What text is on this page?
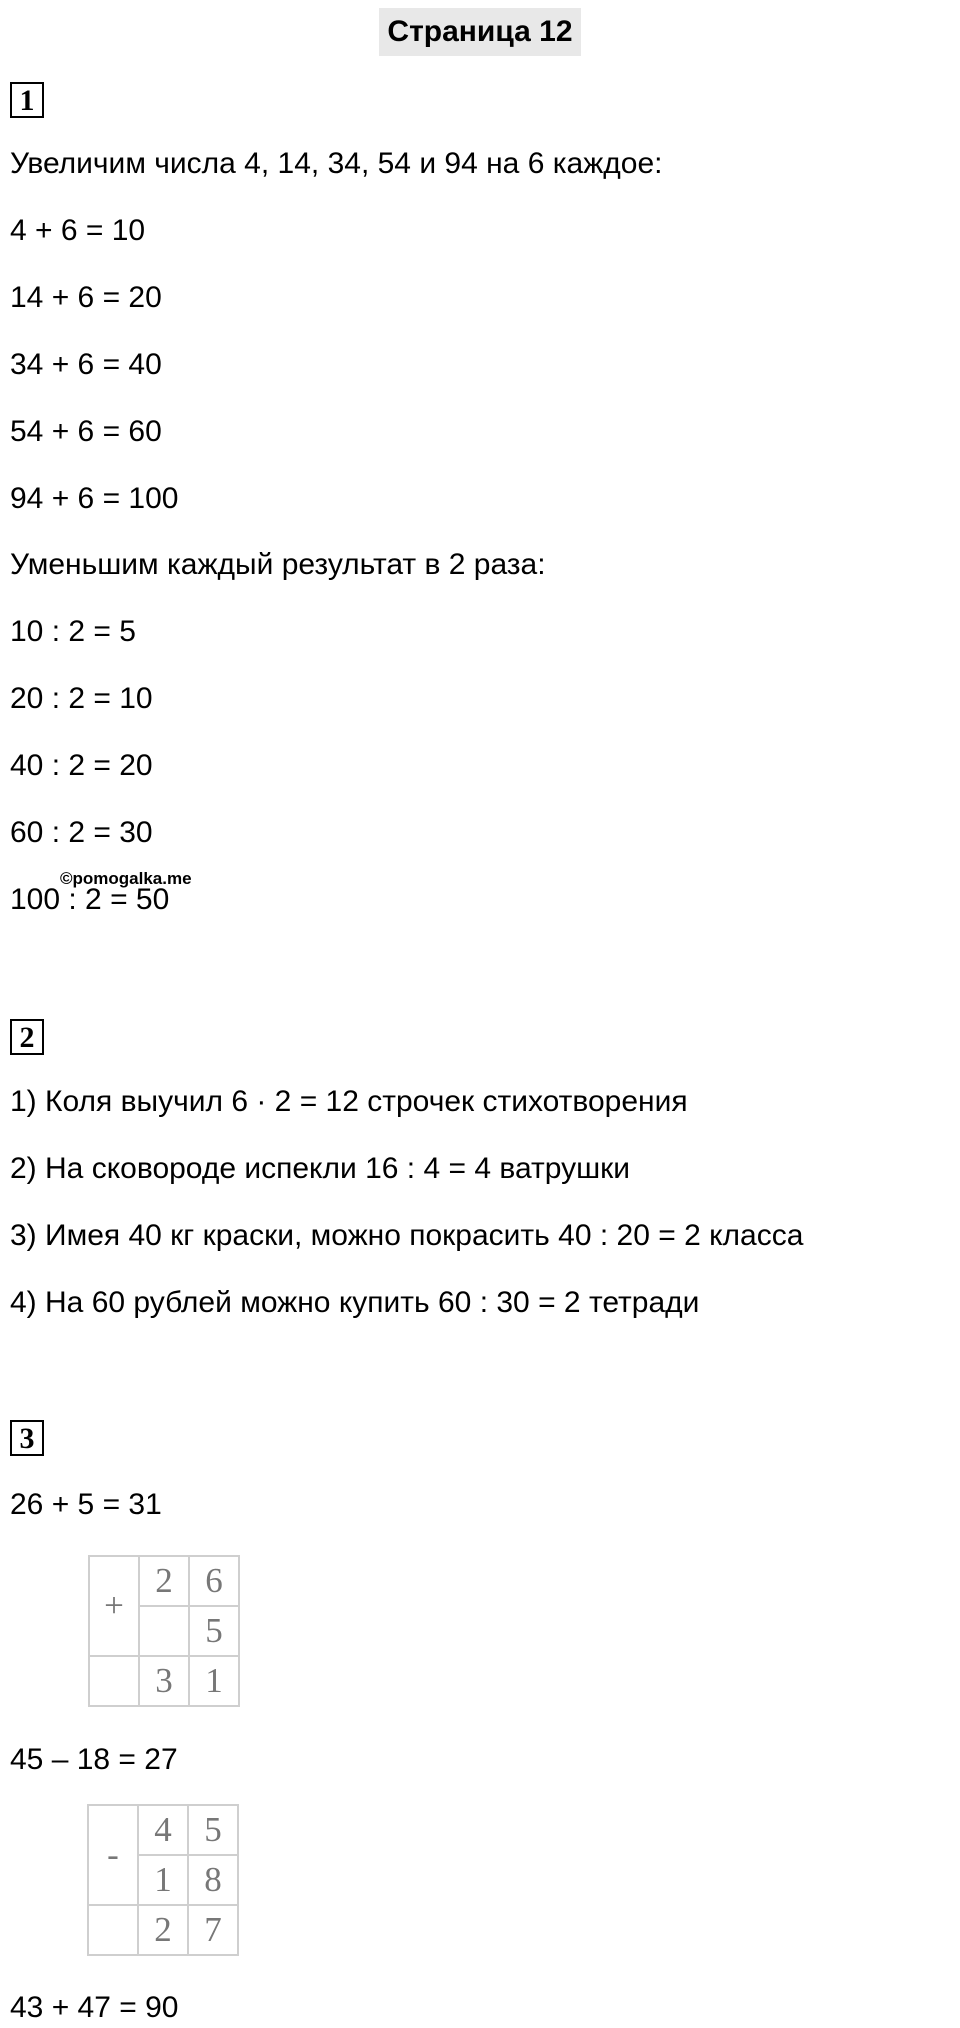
Страница 12
1
Увеличим числа 4, 14, 34, 54 и 94 на 6 каждое:
4 + 6 = 10
14 + 6 = 20
34 + 6 = 40
54 + 6 = 60
94 + 6 = 100
Уменьшим каждый результат в 2 раза:
10 : 2 = 5
20 : 2 = 10
40 : 2 = 20
60 : 2 = 30
100 : 2 = 50
©pomogalka.me
2
1) Коля выучил 6 · 2 = 12 строчек стихотворения
2) На сковороде испекли 16 : 4 = 4 ватрушки
3) Имея 40 кг краски, можно покрасить 40 : 20 = 2 класса
4) На 60 рублей можно купить 60 : 30 = 2 тетради
3
26 + 5 = 31
+	2	6
		5
	3	1
45 – 18 = 27
-	4	5
	1	8
	2	7
43 + 47 = 90
